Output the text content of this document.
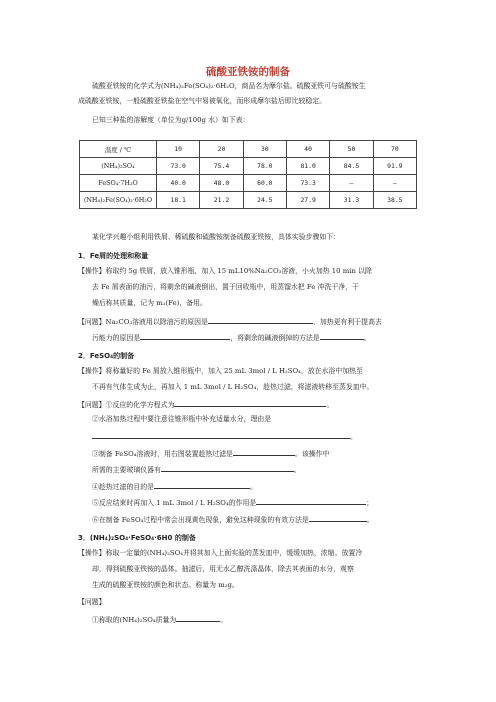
硫酸亚铁铵的制备
硫酸亚铁铵的化学式为(NH₄)₂Fe(SO₄)₂·6H₂O，商品名为摩尔盐。硫酸亚铁可与硫酸铵生
成硫酸亚铁铵，一般硫酸亚铁盐在空气中易被氧化，而形成摩尔盐后即比较稳定。
已知三种盐的溶解度（单位为g/100g 水）如下表：
温度 / ℃	10	20	30	40	50	70
(NH₄)₂SO₄	73.0	75.4	78.0	81.0	84.5	91.9
FeSO₄·7H₂O	40.0	48.0	60.0	73.3	—	—
(NH₄)₂Fe(SO₄)₂·6H₂O	18.1	21.2	24.5	27.9	31.3	38.5
某化学兴趣小组利用铁屑、稀硫酸和硫酸铵制备硫酸亚铁铵，具体实验步骤如下：
1．Fe屑的处理和称量
【操作】称取约 5g 铁屑，放入锥形瓶，加入 15 mL10%Na₂CO₃溶液，小火加热 10 min 以除
去 Fe 屑表面的油污，将剩余的碱液倒出，置于回收瓶中，用蒸馏水把 Fe 冲洗干净，干
燥后称其质量，记为 m₁(Fe)，备用。
【问题】Na₂CO₃溶液用以除油污的原因是	，加热更有利于提高去
污能力的原因是	，将剩余的碱液倒掉的方法是	。
2．FeSO₄的制备
【操作】将称量好的 Fe 屑放入锥形瓶中，加入 25 mL 3mol / L H₂SO₄，放在水浴中加热至
不再有气体生成为止，再加入 1 mL 3mol / L H₂SO₄，趁热过滤，将滤液转移至蒸发皿中。
【问题】①反应的化学方程式为	。
②水浴加热过程中要注意往锥形瓶中补充适量水分，理由是
。
③制备 FeSO₄溶液时，用右图装置趁热过滤是	。该操作中
所需的主要玻璃仪器有	。
④趁热过滤的目的是	。
⑤反应结束时再加入 1 mL 3mol / L H₂SO₄的作用是	；
⑥在制备 FeSO₄过程中常会出现黄色现象，避免这种现象的有效方法是	。
3．(NH₄)₂SO₄·FeSO₄·6H0 的制备
【操作】称取一定量的(NH₄)₂SO₄并将其加入上面实验的蒸发皿中，缓缓加热，浓缩。放置冷
却，得到硫酸亚铁铵的晶体。抽滤后，用无水乙醇洗涤晶体，除去其表面的水分，观察
生成的硫酸亚铁铵的颜色和状态。称量为 m₂g。
【问题】
①称取的(NH₄)₂SO₄质量为	。
